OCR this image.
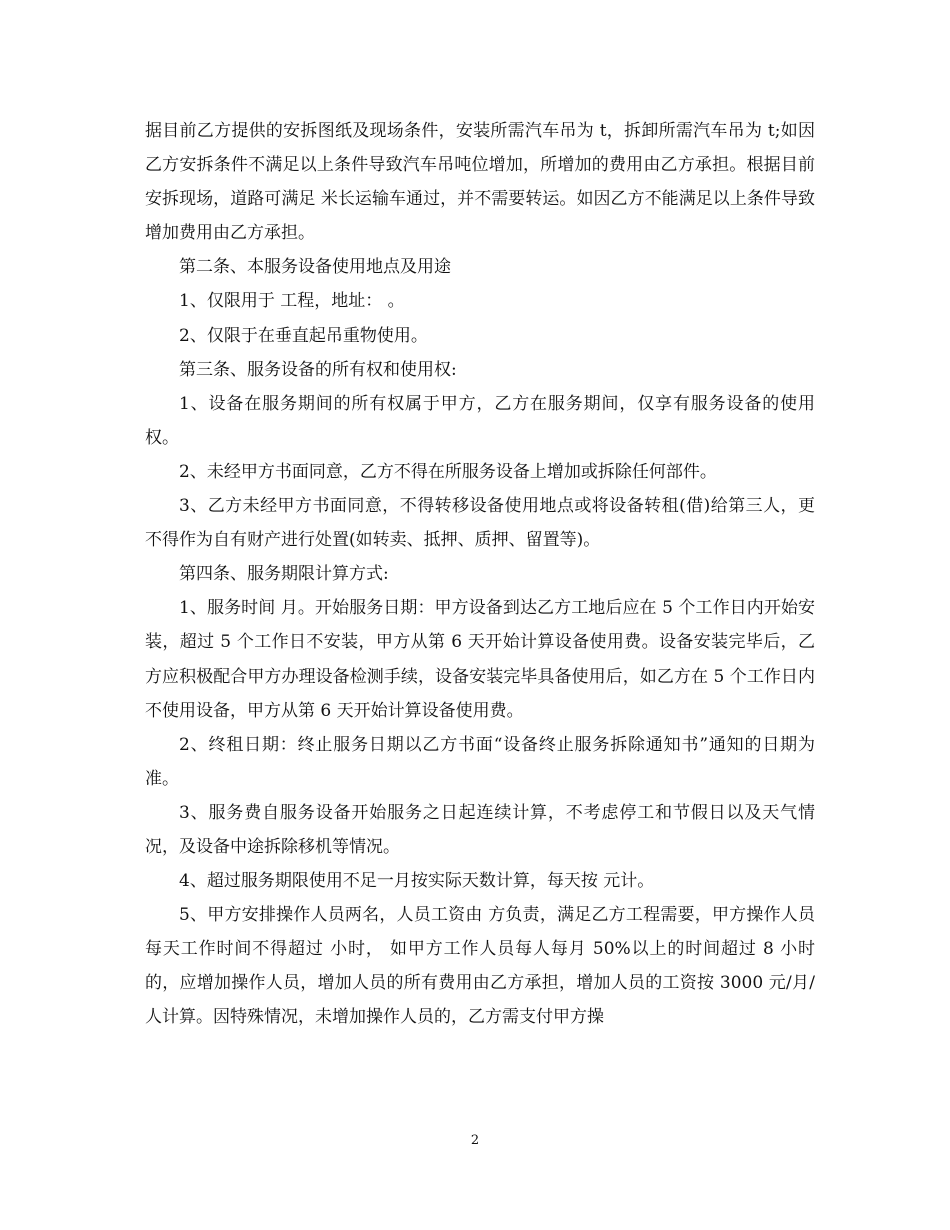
据目前乙方提供的安拆图纸及现场条件，安装所需汽车吊为 t，拆卸所需汽车吊为 t;如因乙方安拆条件不满足以上条件导致汽车吊吨位增加，所增加的费用由乙方承担。根据目前安拆现场，道路可满足 米长运输车通过，并不需要转运。如因乙方不能满足以上条件导致增加费用由乙方承担。

第二条、本服务设备使用地点及用途

1、仅限用于 工程，地址： 。

2、仅限于在垂直起吊重物使用。

第三条、服务设备的所有权和使用权:

1、设备在服务期间的所有权属于甲方，乙方在服务期间，仅享有服务设备的使用权。

2、未经甲方书面同意，乙方不得在所服务设备上增加或拆除任何部件。

3、乙方未经甲方书面同意，不得转移设备使用地点或将设备转租(借)给第三人，更不得作为自有财产进行处置(如转卖、抵押、质押、留置等)。

第四条、服务期限计算方式:

1、服务时间 月。开始服务日期：甲方设备到达乙方工地后应在 5 个工作日内开始安装，超过 5 个工作日不安装，甲方从第 6 天开始计算设备使用费。设备安装完毕后，乙方应积极配合甲方办理设备检测手续，设备安装完毕具备使用后，如乙方在 5 个工作日内不使用设备，甲方从第 6 天开始计算设备使用费。

2、终租日期：终止服务日期以乙方书面“设备终止服务拆除通知书”通知的日期为准。

3、服务费自服务设备开始服务之日起连续计算，不考虑停工和节假日以及天气情况，及设备中途拆除移机等情况。

4、超过服务期限使用不足一月按实际天数计算，每天按 元计。

5、甲方安排操作人员两名，人员工资由 方负责，满足乙方工程需要，甲方操作人员每天工作时间不得超过 小时， 如甲方工作人员每人每月 50%以上的时间超过 8 小时的，应增加操作人员，增加人员的所有费用由乙方承担，增加人员的工资按 3000 元/月/人计算。因特殊情况，未增加操作人员的，乙方需支付甲方操

2
